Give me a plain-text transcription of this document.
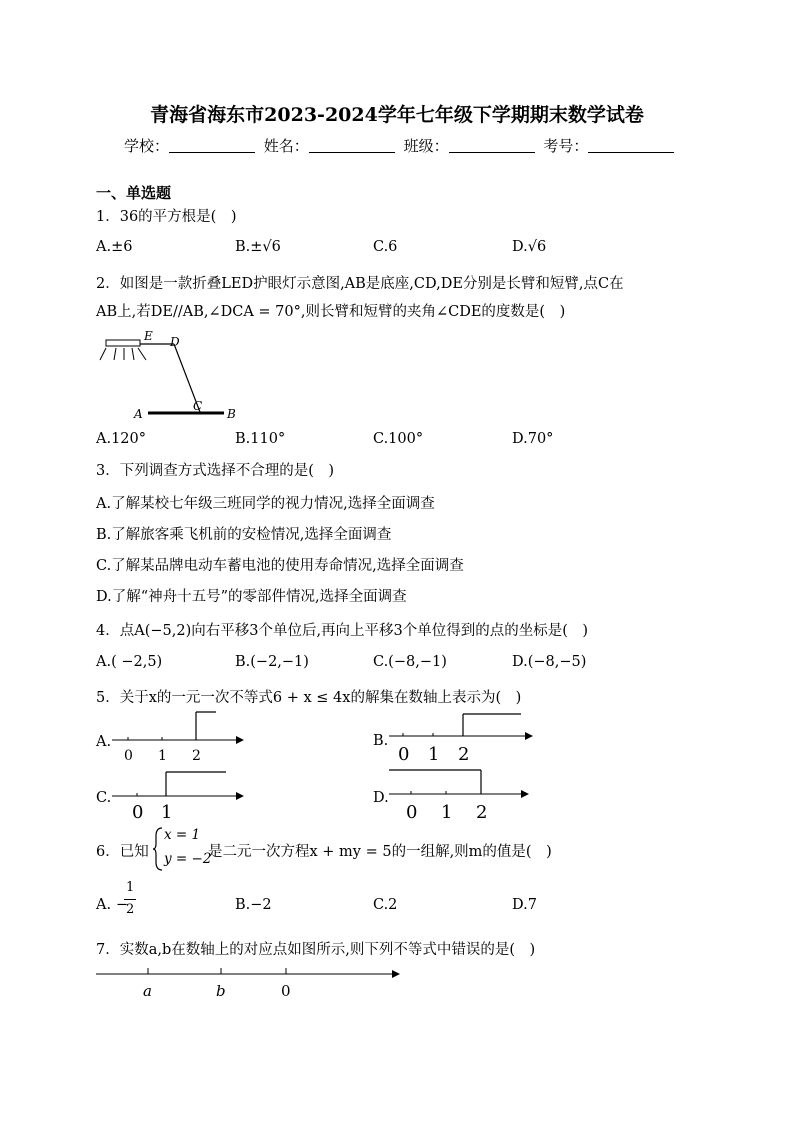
青海省海东市2023-2024学年七年级下学期期末数学试卷
学校：	姓名：	班级：	考号：
一、单选题
1．36的平方根是(　)
A.±6	B.±√6	C.6	D.√6
2．如图是一款折叠LED护眼灯示意图,AB是底座,CD,DE分别是长臂和短臂,点C在
AB上,若DE//AB,∠DCA = 70°,则长臂和短臂的夹角∠CDE的度数是(　)
E D
C
A	B
A.120°	B.110°	C.100°	D.70°
3．下列调查方式选择不合理的是(　)
A.了解某校七年级三班同学的视力情况,选择全面调查
B.了解旅客乘飞机前的安检情况,选择全面调查
C.了解某品牌电动车蓄电池的使用寿命情况,选择全面调查
D.了解“神舟十五号”的零部件情况,选择全面调查
4．点A(−5,2)向右平移3个单位后,再向上平移3个单位得到的点的坐标是(　)
A.( −2,5)	B.(−2,−1)	C.(−8,−1)	D.(−8,−5)
5．关于x的一元一次不等式6 + x ≤ 4x的解集在数轴上表示为(　)
A.
0 1 2
B.
0 1 2
C.
0 1
D.
0 1 2
6．已知
x = 1
y = −2
是二元一次方程x + my = 5的一组解,则m的值是(　)
A. −
1
2	B.−2	C.2	D.7
7．实数a,b在数轴上的对应点如图所示,则下列不等式中错误的是(　)
a	b	0
